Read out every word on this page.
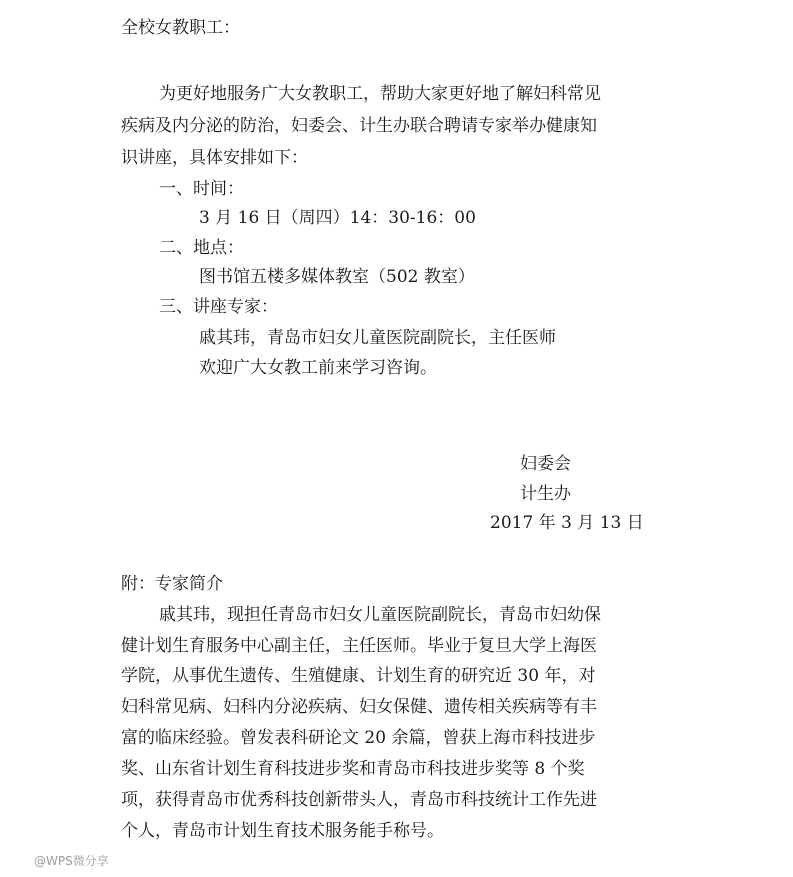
全校女教职工：
为更好地服务广大女教职工，帮助大家更好地了解妇科常见
疾病及内分泌的防治，妇委会、计生办联合聘请专家举办健康知
识讲座，具体安排如下：
一、时间：
3 月 16 日（周四）14：30-16：00
二、地点：
图书馆五楼多媒体教室（502 教室）
三、讲座专家：
戚其玮，青岛市妇女儿童医院副院长，主任医师
欢迎广大女教工前来学习咨询。
妇委会
计生办
2017 年 3 月 13 日
附：专家简介
戚其玮，现担任青岛市妇女儿童医院副院长，青岛市妇幼保
健计划生育服务中心副主任，主任医师。毕业于复旦大学上海医
学院，从事优生遗传、生殖健康、计划生育的研究近 30 年，对
妇科常见病、妇科内分泌疾病、妇女保健、遗传相关疾病等有丰
富的临床经验。曾发表科研论文 20 余篇，曾获上海市科技进步
奖、山东省计划生育科技进步奖和青岛市科技进步奖等 8 个奖
项，获得青岛市优秀科技创新带头人，青岛市科技统计工作先进
个人，青岛市计划生育技术服务能手称号。
@WPS微分享
